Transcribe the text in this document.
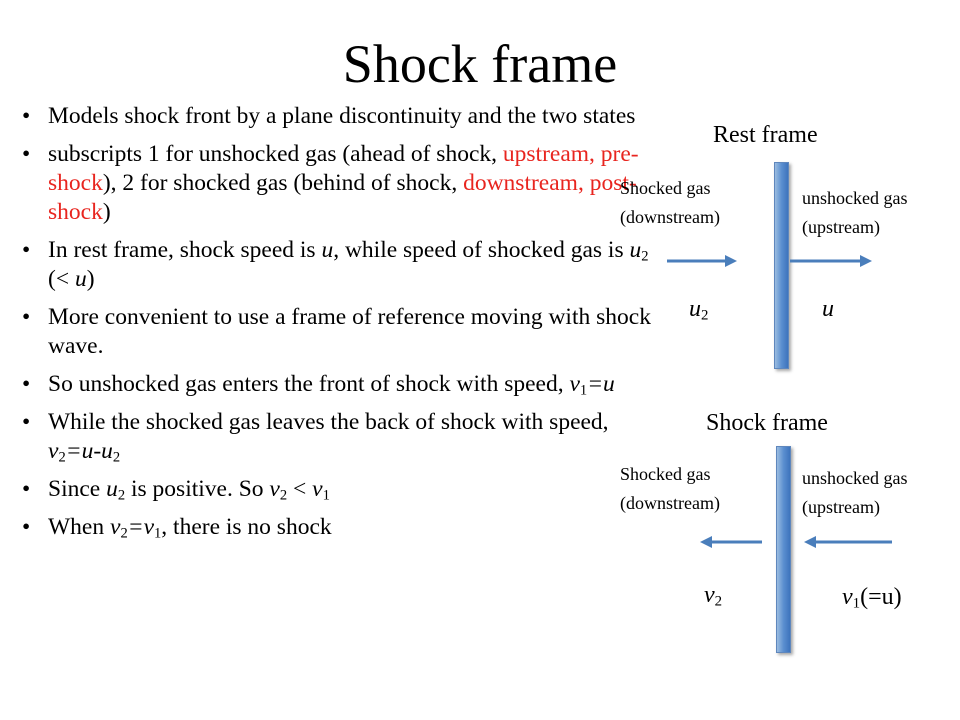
Shock frame
• Models shock front by a plane discontinuity and the two states
• subscripts 1 for unshocked gas (ahead of shock, upstream, pre-shock), 2 for shocked gas (behind of shock, downstream, post-shock)
• In rest frame, shock speed is u, while speed of shocked gas is $u_2$ (< u)
• More convenient to use a frame of reference moving with shock wave.
• So unshocked gas enters the front of shock with speed, $v_1=u$
• While the shocked gas leaves the back of shock with speed, $v_2=u-u_2$
• Since $u_2$ is positive. So $v_2 < v_1$
• When $v_2=v_1$, there is no shock
Rest frame
Shocked gas
(downstream)
unshocked gas
(upstream)
$u_2$	u
Shock frame
Shocked gas
(downstream)
unshocked gas
(upstream)
$v_2$	$v_1(=u)$
